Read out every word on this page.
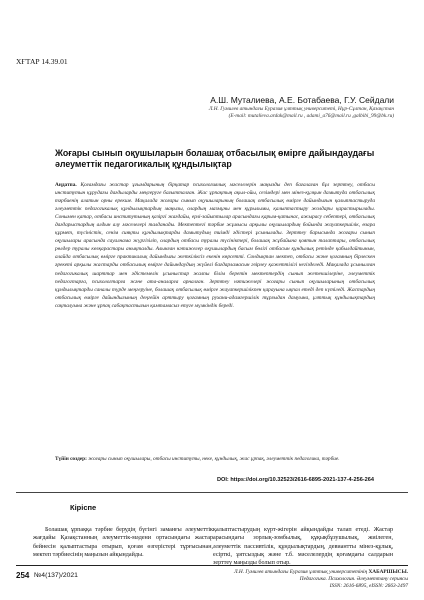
ХҒТАР 14.39.01
А.Ш. Муталиева, А.Е. Ботабаева, Г.У. Сейдали
Л.Н. Гумилев атындағы Еуразия ұлттық университеті, Нұр-Сұлтан, Қазақстан
(E-mail: mutalieva.ardak@mail.ru , adami_a76@mail.ru ,galbibi_99@bk.ru)
Жоғары сынып оқушыларын болашақ отбасылық өмірге дайындаудағы әлеуметтік педагогикалық құндылықтар
Аңдатпа. Қоғамдағы жастар ұғымдарының бірқатар психологиялық мәселелерін маңызды деп бағалаған бұл зерттеу, отбасы институтын құрудағы дағдыларды меңгеруге бағытталған. Жас ұрпақтың ақыл-ойы, сезімдері мен мінез-құлқын дамытуда отбасылық тәрбиенің алатын орны ерекше. Мақалада жоғары сынып оқушыларының болашақ отбасылық өмірге дайындығын қалыптастыруда әлеуметтік педагогикалық құндылықтардың маңызы, олардың мазмұны мен құрылымы, қалыптастыру жолдары қарастырылады. Сонымен қатар, отбасы институтының қазіргі жағдайы, ерлі-зайыптылар арасындағы қарым-қатынас, ажырасу себептері, отбасылық дағдарыстардың алдын алу мәселелері талданады. Мектептегі тәрбие жұмысы арқылы оқушылардың бойында жауапкершілік, өзара құрмет, түсіністік, сенім сияқты құндылықтарды дамытудың тиімді әдістері ұсынылады. Зерттеу барысында жоғары сынып оқушылары арасында сауалнама жүргізіліп, олардың отбасы туралы түсініктері, болашақ жұбайына қоятын талаптары, отбасылық рөлдер туралы көзқарастары анықталды. Алынған нәтижелер оқушылардың басым бөлігі отбасын құндылық ретінде қабылдайтынын, алайда отбасылық өмірге практикалық дайындығы жеткіліксіз екенін көрсетті. Сондықтан мектеп, отбасы және қоғамның бірлескен әрекеті арқылы жастарды отбасылық өмірге дайындаудың жүйелі бағдарламасын әзірлеу қажеттілігі негізделеді. Мақалада ұсынылған педагогикалық шарттар мен әдістемелік ұсыныстар жалпы білім беретін мектептердің сынып жетекшілеріне, әлеуметтік педагогтарға, психологтарға және ата-аналарға арналған. Зерттеу нәтижелері жоғары сынып оқушыларының отбасылық құндылықтарды саналы түрде меңгеруіне, болашақ отбасылық өмірге жауапкершілікпен қарауына ықпал етеді деп күтіледі. Жастардың отбасылық өмірге дайындығының деңгейін арттыру қоғамның рухани-адамгершілік тұрғыдан дамуына, ұлттық құндылықтардың сақталуына және ұрпақ сабақтастығын қамтамасыз етуге мүмкіндік береді.
Түйін сөздер: жоғары сынып оқушылары, отбасы институты, неке, құндылық, жас ұрпақ, әлеуметтік педагогика, тәрбие.
DOI: https://doi.org/10.32523/2616-6895-2021-137-4-256-264
Кіріспе
Болашақ ұрпаққа тәрбие берудің бүгінгі заманғы әлеуметтік жағдайы Қазақстанның әлеуметтік-мәдени ортасындағы жастар бейнесін қалыптастыра отырып, қоғам өзгерістері тұрғысынан, мектеп тәрбиесінің маңызын айқындайды.
қалыптастырудың күрт-жігерін айқындайды талап етеді. Жастар арасындағы зорлық-зомбылық, құқықбұзушылық, жиілеген, әлеуметтік пассивтілік, құндылықтардың, девиантты мінез-құлық, есірткі, ұятсыздық және т.б. мәселелердің қоғамдағы салдарын зерттеу маңызды болып отыр.
254 №4(137)/2021	Л.Н. Гумилев атындағы Еуразия ұлттық университетінің ХАБАРШЫСЫ.
Педагогика. Психология. Әлеуметтану сериясы
ISSN: 2616-6895, eISSN: 2663-2497
